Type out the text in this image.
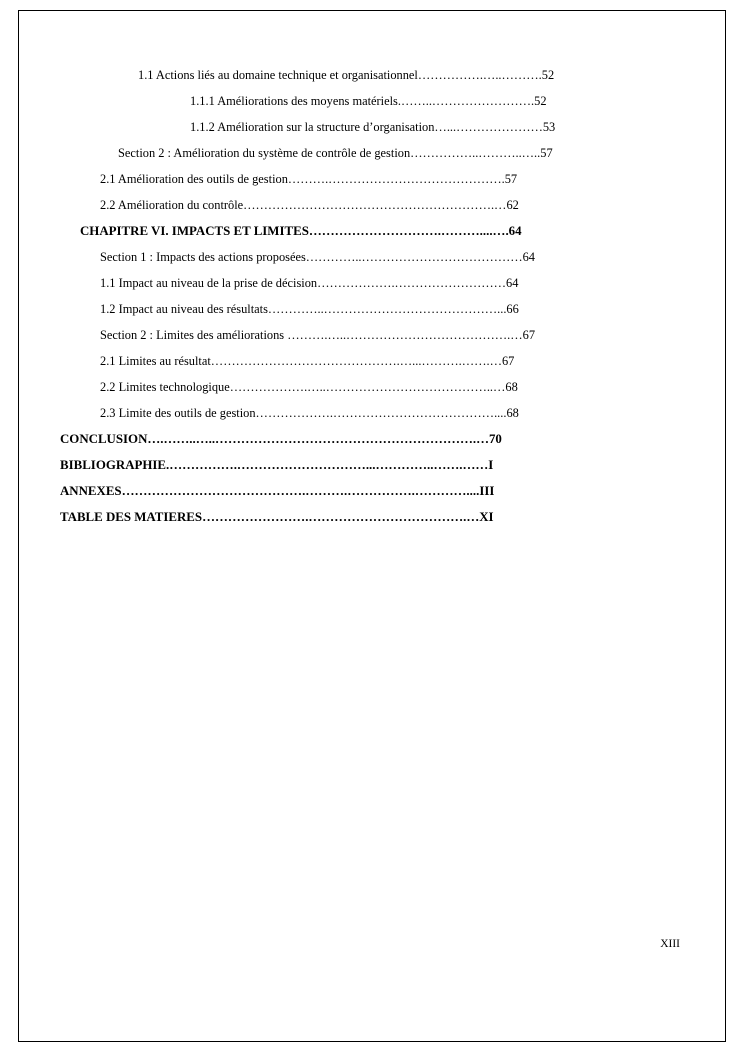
1.1 Actions liés au domaine technique et organisationnel…………….…..……….52
1.1.1 Améliorations des moyens matériels.……..…………………….52
1.1.2 Amélioration sur la structure d’organisation…...…………………53
Section 2 : Amélioration du système de contrôle de gestion……………..………..…..57
2.1 Amélioration des outils de gestion……….…………………………………….57
2.2 Amélioration du contrôle…………………………………………………….…62
CHAPITRE VI. IMPACTS ET LIMITES………………………….………....….64
Section 1 : Impacts des actions proposées…………..…………………………………64
1.1 Impact au niveau de la prise de décision……………….………………………64
1.2 Impact au niveau des résultats…………..……………………………………...66
Section 2 : Limites des améliorations ……….…..………………………………….…67
2.1 Limites au résultat……………………………………….…...……….…….…67
2.2 Limites technologique……………….…..…………………………………..…68
2.3 Limite des outils de gestion……………….…………………………………....68
CONCLUSION….……..…..…………………………………………………….…70
BIBLIOGRAPHIE.…………….…………………………...…………..…….……I
ANNEXES…………………………………….……….…………….…………....III
TABLE DES MATIERES…………………….……………………………….…XI
XIII
